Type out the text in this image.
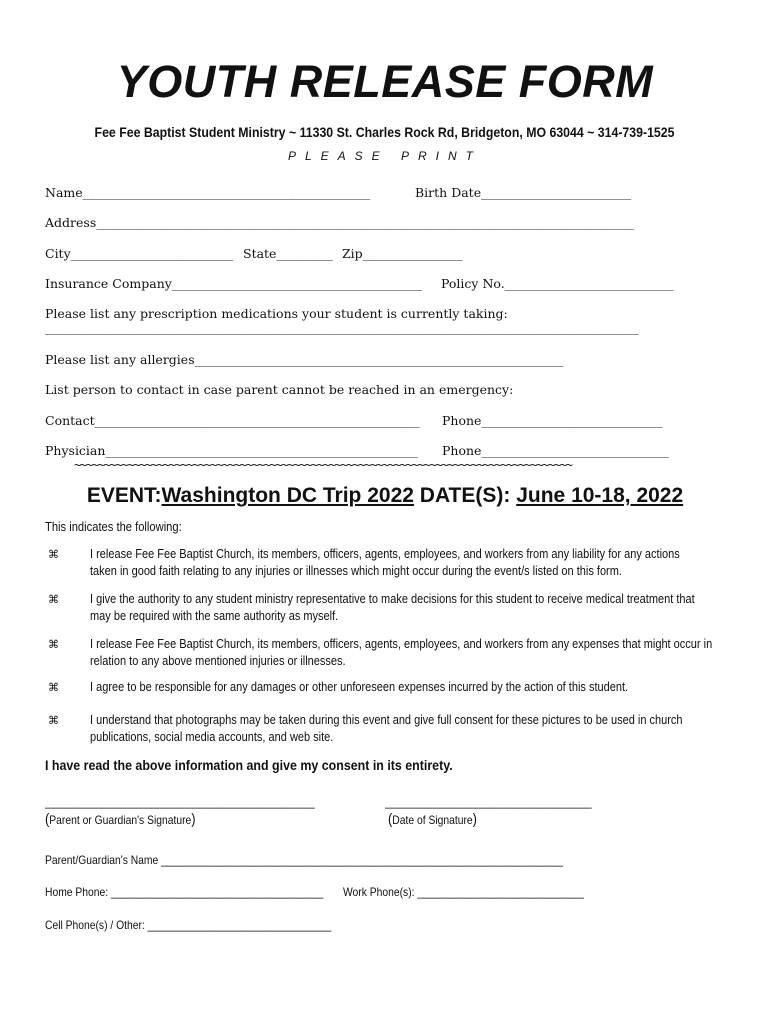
YOUTH RELEASE FORM
Fee Fee Baptist Student Ministry ~ 11330 St. Charles Rock Rd, Bridgeton, MO 63044 ~ 314-739-1525
PLEASE PRINT
Name______________________________________________	Birth Date________________________
Address______________________________________________________________________________________
City__________________________ State_________ Zip________________
Insurance Company________________________________________ Policy No.___________________________
Please list any prescription medications your student is currently taking:
_______________________________________________________________________________________________
Please list any allergies___________________________________________________________
List person to contact in case parent cannot be reached in an emergency:
Contact____________________________________________________ Phone_____________________________
Physician__________________________________________________ Phone______________________________
~~~~~~~~~~~~~~~~~~~~~~~~~~~~~~~~~~~~~~~~~~~~~~~~~~~~~~~~~~~~~~~~~~~~~~~~~~~~~~~~~~~~
EVENT:Washington DC Trip 2022 DATE(S): June 10-18, 2022
This indicates the following:
⌘ I release Fee Fee Baptist Church, its members, officers, agents, employees, and workers from any liability for any actions taken in good faith relating to any injuries or illnesses which might occur during the event/s listed on this form.
⌘ I give the authority to any student ministry representative to make decisions for this student to receive medical treatment that may be required with the same authority as myself.
⌘ I release Fee Fee Baptist Church, its members, officers, agents, employees, and workers from any expenses that might occur in relation to any above mentioned injuries or illnesses.
⌘ I agree to be responsible for any damages or other unforeseen expenses incurred by the action of this student.
⌘ I understand that photographs may be taken during this event and give full consent for these pictures to be used in church publications, social media accounts, and web site.
I have read the above information and give my consent in its entirety.
_______________________________________________	____________________________________
(Parent or Guardian's Signature)	(Date of Signature)
Parent/Guardian's Name ______________________________________________________________________
Home Phone: _____________________________________ Work Phone(s): _____________________________
Cell Phone(s) / Other: ________________________________
